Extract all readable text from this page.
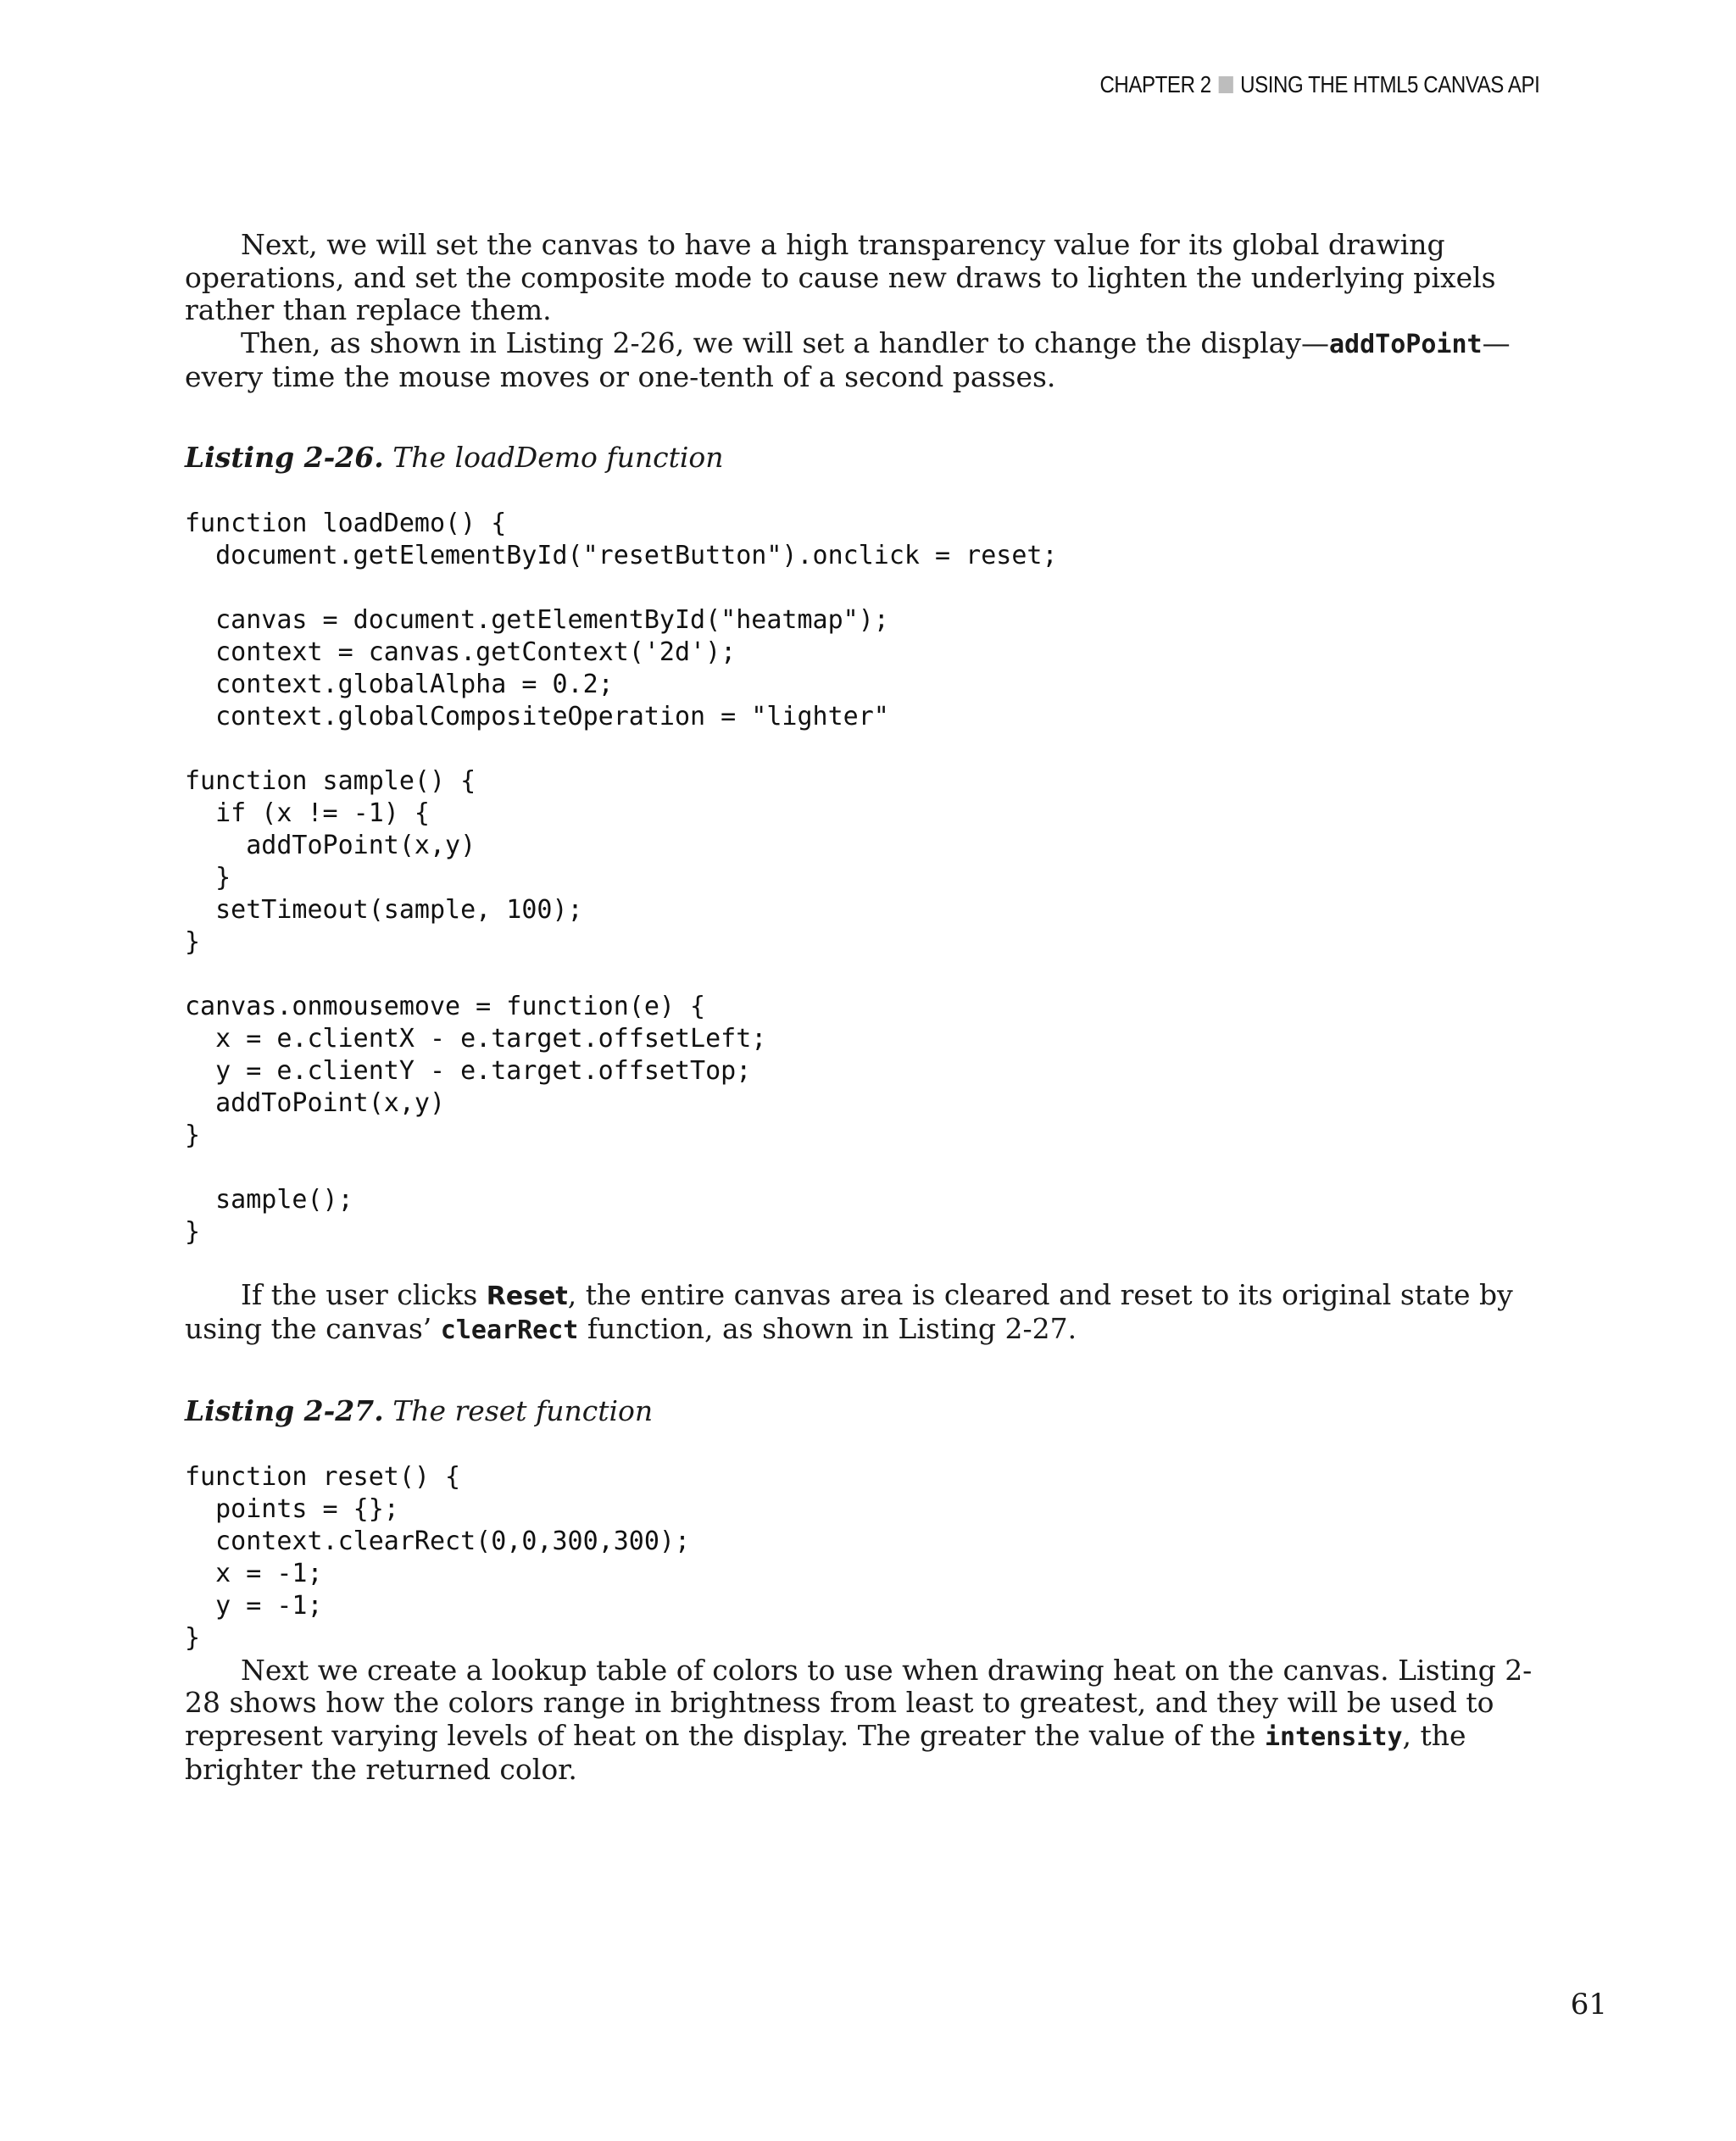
CHAPTER 2 USING THE HTML5 CANVAS API

Next, we will set the canvas to have a high transparency value for its global drawing operations, and set the composite mode to cause new draws to lighten the underlying pixels rather than replace them.

Then, as shown in Listing 2-26, we will set a handler to change the display—addToPoint—every time the mouse moves or one-tenth of a second passes.

Listing 2-26. The loadDemo function

function loadDemo() {
document.getElementById("resetButton").onclick = reset;

canvas = document.getElementById("heatmap");
context = canvas.getContext('2d');
context.globalAlpha = 0.2;
context.globalCompositeOperation = "lighter"

function sample() {
if (x != -1) {
addToPoint(x,y)
}
setTimeout(sample, 100);
}

canvas.onmousemove = function(e) {
x = e.clientX - e.target.offsetLeft;
y = e.clientY - e.target.offsetTop;
addToPoint(x,y)
}

sample();
}

If the user clicks Reset, the entire canvas area is cleared and reset to its original state by using the canvas’ clearRect function, as shown in Listing 2-27.

Listing 2-27. The reset function

function reset() {
points = {};
context.clearRect(0,0,300,300);
x = -1;
y = -1;
}

Next we create a lookup table of colors to use when drawing heat on the canvas. Listing 2-28 shows how the colors range in brightness from least to greatest, and they will be used to represent varying levels of heat on the display. The greater the value of the intensity, the brighter the returned color.

61
